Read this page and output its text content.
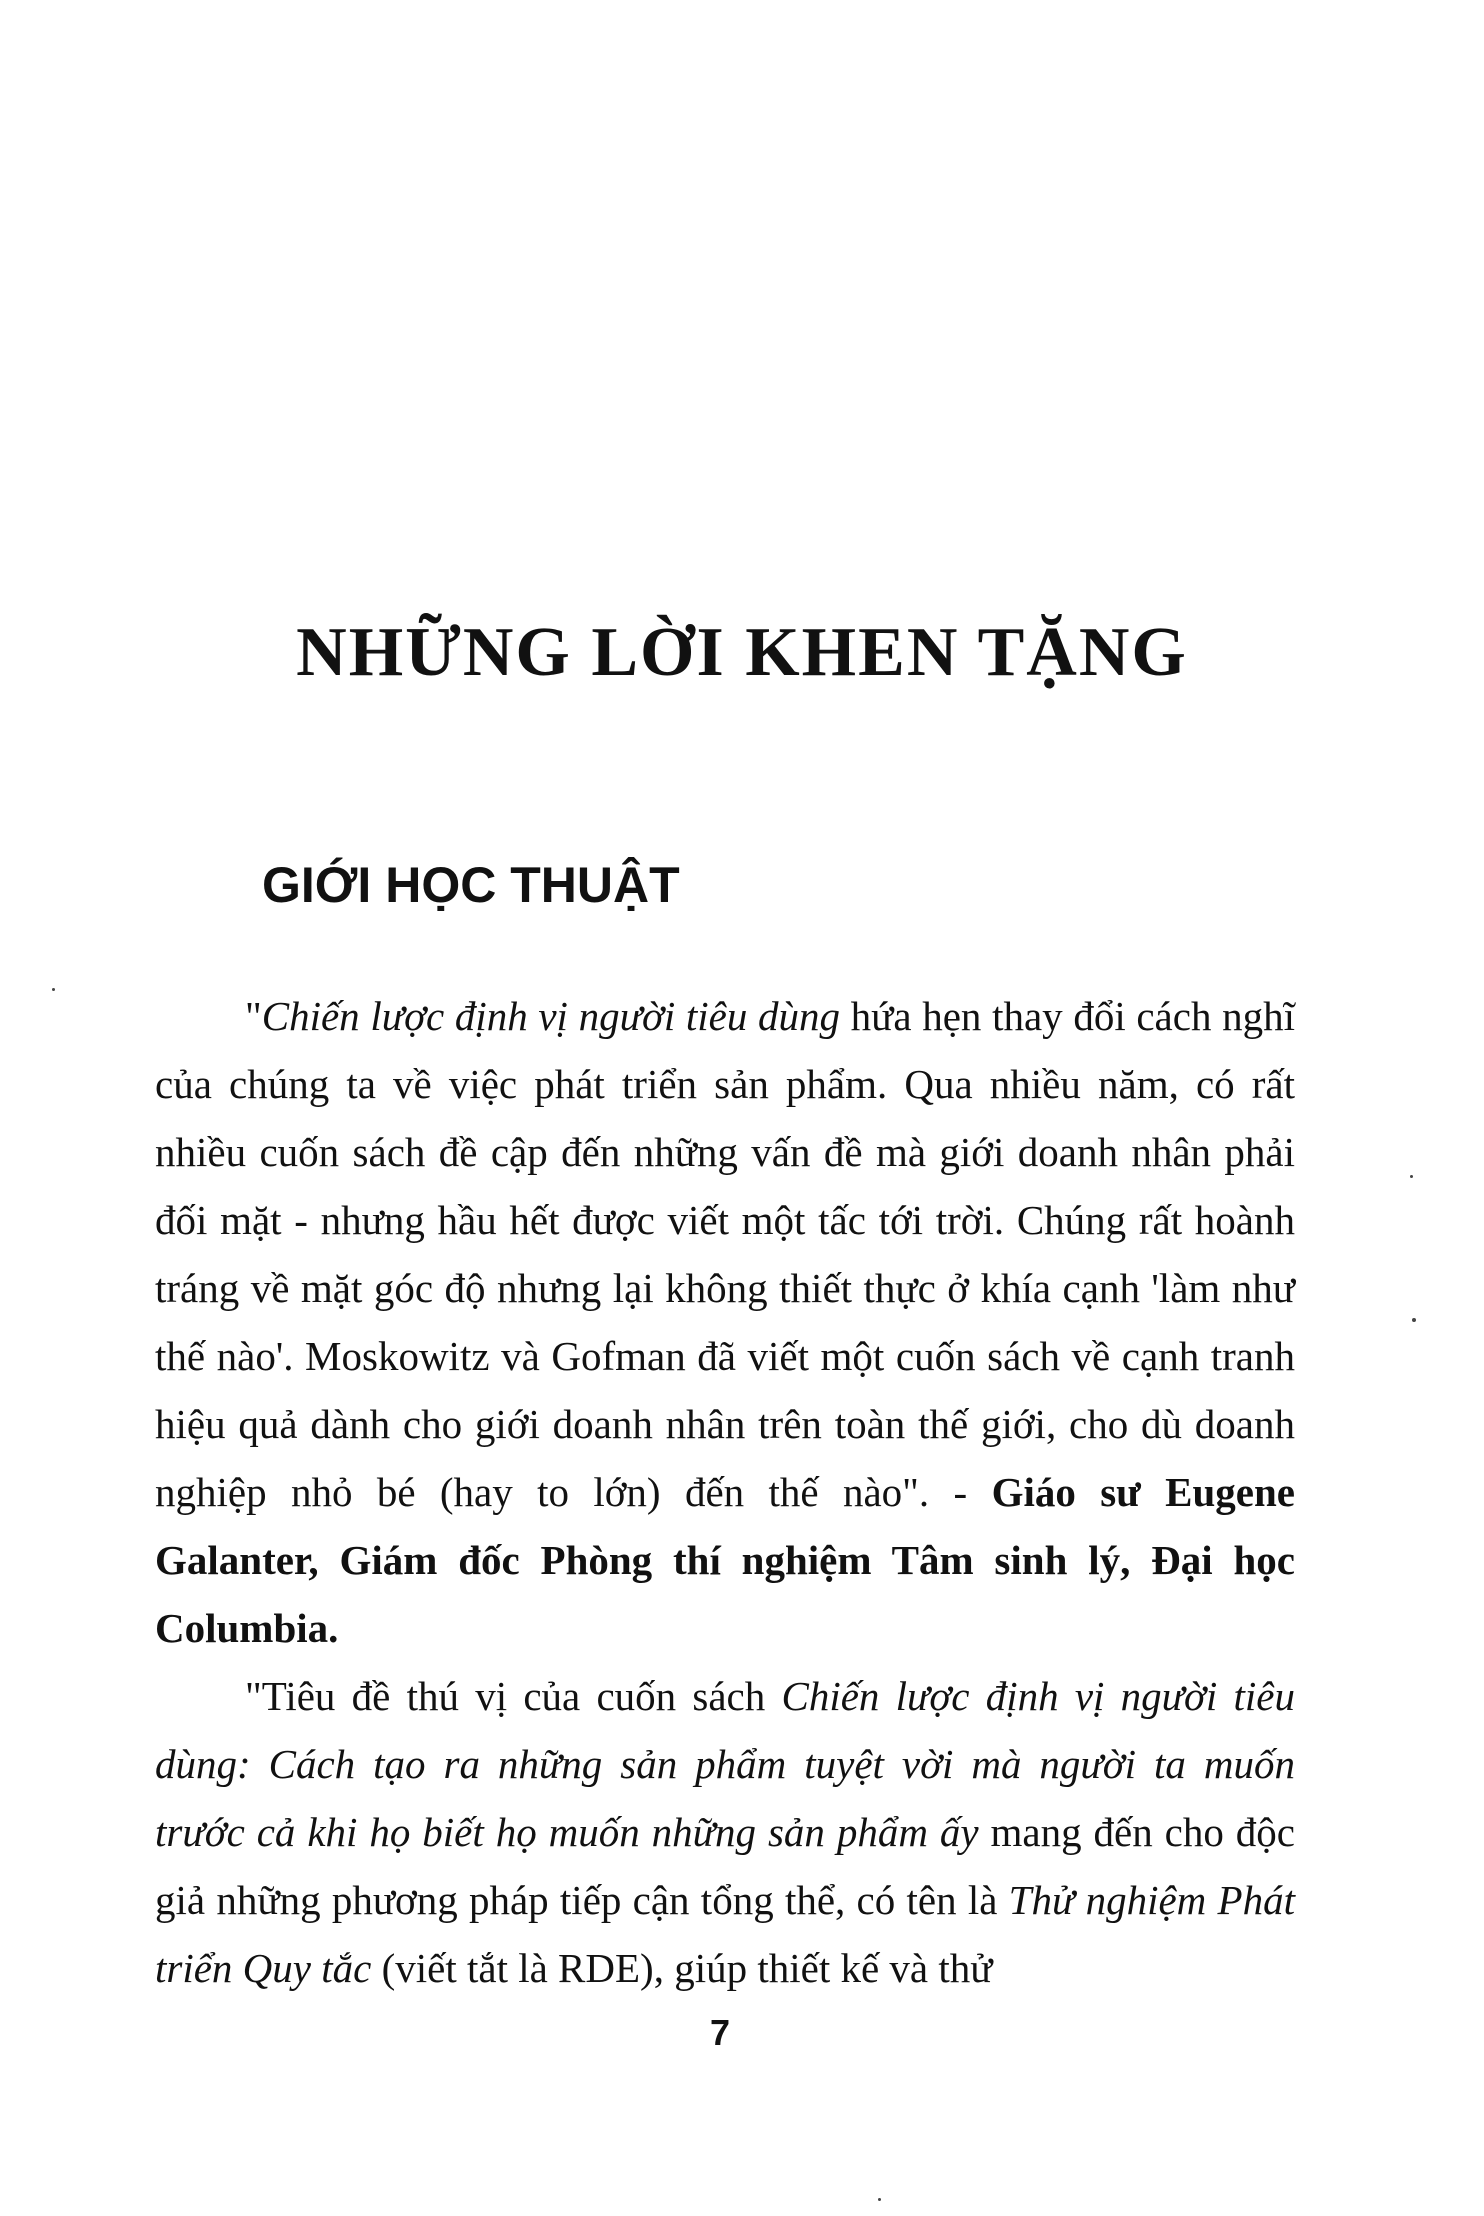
NHỮNG LỜI KHEN TẶNG
GIỚI HỌC THUẬT

"Chiến lược định vị người tiêu dùng hứa hẹn thay đổi cách nghĩ của chúng ta về việc phát triển sản phẩm. Qua nhiều năm, có rất nhiều cuốn sách đề cập đến những vấn đề mà giới doanh nhân phải đối mặt - nhưng hầu hết được viết một tấc tới trời. Chúng rất hoành tráng về mặt góc độ nhưng lại không thiết thực ở khía cạnh 'làm như thế nào'. Moskowitz và Gofman đã viết một cuốn sách về cạnh tranh hiệu quả dành cho giới doanh nhân trên toàn thế giới, cho dù doanh nghiệp nhỏ bé (hay to lớn) đến thế nào". - Giáo sư Eugene Galanter, Giám đốc Phòng thí nghiệm Tâm sinh lý, Đại học Columbia.

"Tiêu đề thú vị của cuốn sách Chiến lược định vị người tiêu dùng: Cách tạo ra những sản phẩm tuyệt vời mà người ta muốn trước cả khi họ biết họ muốn những sản phẩm ấy mang đến cho độc giả những phương pháp tiếp cận tổng thể, có tên là Thử nghiệm Phát triển Quy tắc (viết tắt là RDE), giúp thiết kế và thử

7
